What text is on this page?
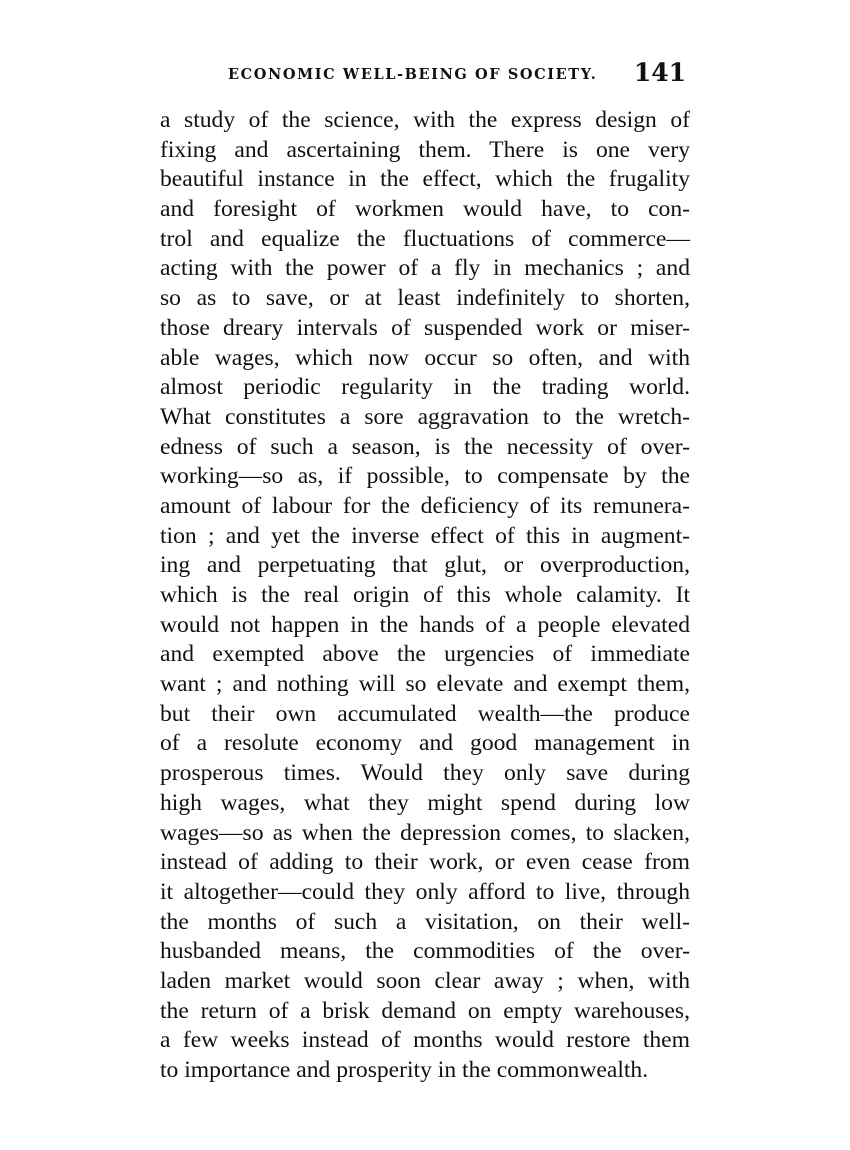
ECONOMIC WELL-BEING OF SOCIETY. 141
a study of the science, with the express design of
fixing and ascertaining them. There is one very
beautiful instance in the effect, which the frugality
and foresight of workmen would have, to con-
trol and equalize the fluctuations of commerce—
acting with the power of a fly in mechanics ; and
so as to save, or at least indefinitely to shorten,
those dreary intervals of suspended work or miser-
able wages, which now occur so often, and with
almost periodic regularity in the trading world.
What constitutes a sore aggravation to the wretch-
edness of such a season, is the necessity of over-
working—so as, if possible, to compensate by the
amount of labour for the deficiency of its remunera-
tion ; and yet the inverse effect of this in augment-
ing and perpetuating that glut, or overproduction,
which is the real origin of this whole calamity. It
would not happen in the hands of a people elevated
and exempted above the urgencies of immediate
want ; and nothing will so elevate and exempt them,
but their own accumulated wealth—the produce
of a resolute economy and good management in
prosperous times. Would they only save during
high wages, what they might spend during low
wages—so as when the depression comes, to slacken,
instead of adding to their work, or even cease from
it altogether—could they only afford to live, through
the months of such a visitation, on their well-
husbanded means, the commodities of the over-
laden market would soon clear away ; when, with
the return of a brisk demand on empty warehouses,
a few weeks instead of months would restore them
to importance and prosperity in the commonwealth.
